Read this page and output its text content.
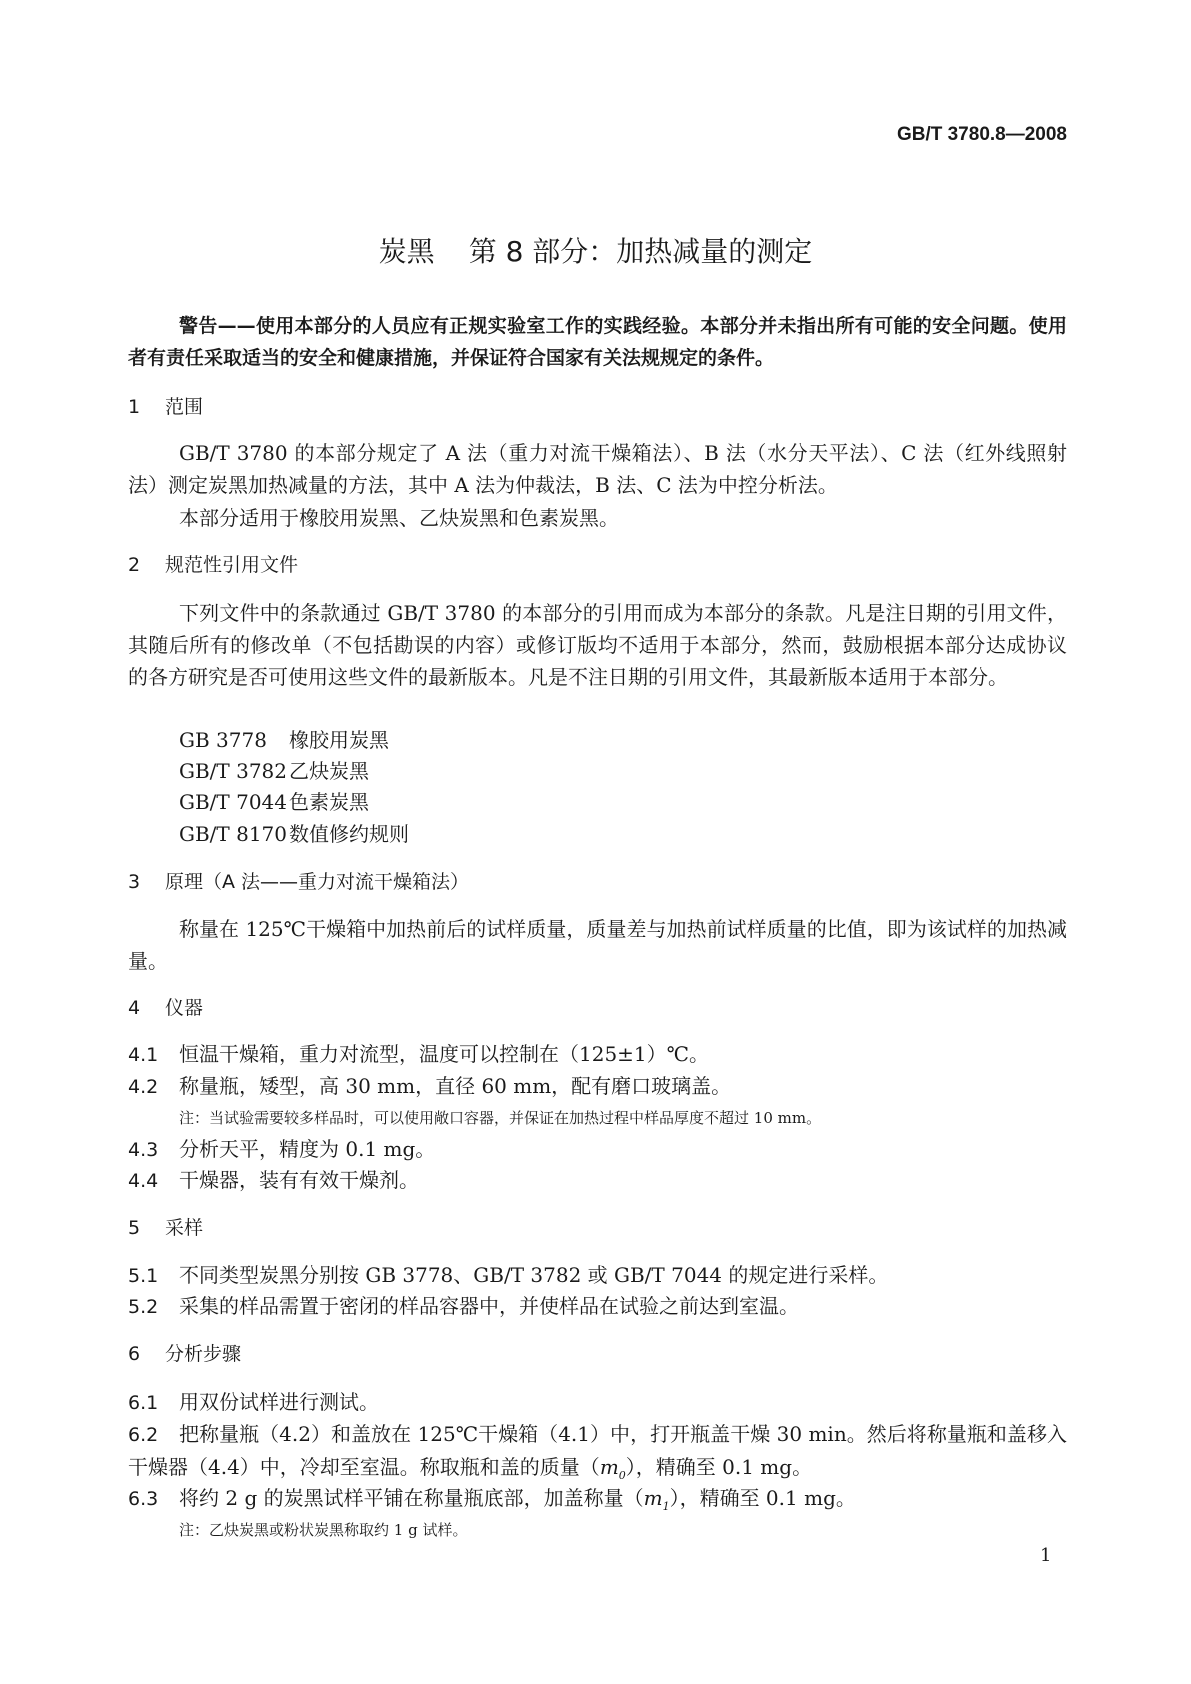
GB/T 3780.8—2008
炭黑 第 8 部分：加热减量的测定
警告——使用本部分的人员应有正规实验室工作的实践经验。本部分并未指出所有可能的安全问题。使用者有责任采取适当的安全和健康措施，并保证符合国家有关法规规定的条件。
1 范围
GB/T 3780 的本部分规定了 A 法（重力对流干燥箱法）、B 法（水分天平法）、C 法（红外线照射法）测定炭黑加热减量的方法，其中 A 法为仲裁法，B 法、C 法为中控分析法。
本部分适用于橡胶用炭黑、乙炔炭黑和色素炭黑。
2 规范性引用文件
下列文件中的条款通过 GB/T 3780 的本部分的引用而成为本部分的条款。凡是注日期的引用文件，其随后所有的修改单（不包括勘误的内容）或修订版均不适用于本部分，然而，鼓励根据本部分达成协议的各方研究是否可使用这些文件的最新版本。凡是不注日期的引用文件，其最新版本适用于本部分。
GB 3778 橡胶用炭黑
GB/T 3782乙炔炭黑
GB/T 7044色素炭黑
GB/T 8170数值修约规则
3 原理（A 法——重力对流干燥箱法）
称量在 125℃干燥箱中加热前后的试样质量，质量差与加热前试样质量的比值，即为该试样的加热减量。
4 仪器
4.1 恒温干燥箱，重力对流型，温度可以控制在（125±1）℃。
4.2 称量瓶，矮型，高 30 mm，直径 60 mm，配有磨口玻璃盖。
注：当试验需要较多样品时，可以使用敞口容器，并保证在加热过程中样品厚度不超过 10 mm。
4.3 分析天平，精度为 0.1 mg。
4.4 干燥器，装有有效干燥剂。
5 采样
5.1 不同类型炭黑分别按 GB 3778、GB/T 3782 或 GB/T 7044 的规定进行采样。
5.2 采集的样品需置于密闭的样品容器中，并使样品在试验之前达到室温。
6 分析步骤
6.1 用双份试样进行测试。
6.2 把称量瓶（4.2）和盖放在 125℃干燥箱（4.1）中，打开瓶盖干燥 30 min。然后将称量瓶和盖移入干燥器（4.4）中，冷却至室温。称取瓶和盖的质量$(m_0)$，精确至 0.1 mg。
6.3 将约 2 g 的炭黑试样平铺在称量瓶底部，加盖称量$(m_1)$，精确至 0.1 mg。
注：乙炔炭黑或粉状炭黑称取约 1 g 试样。
1
